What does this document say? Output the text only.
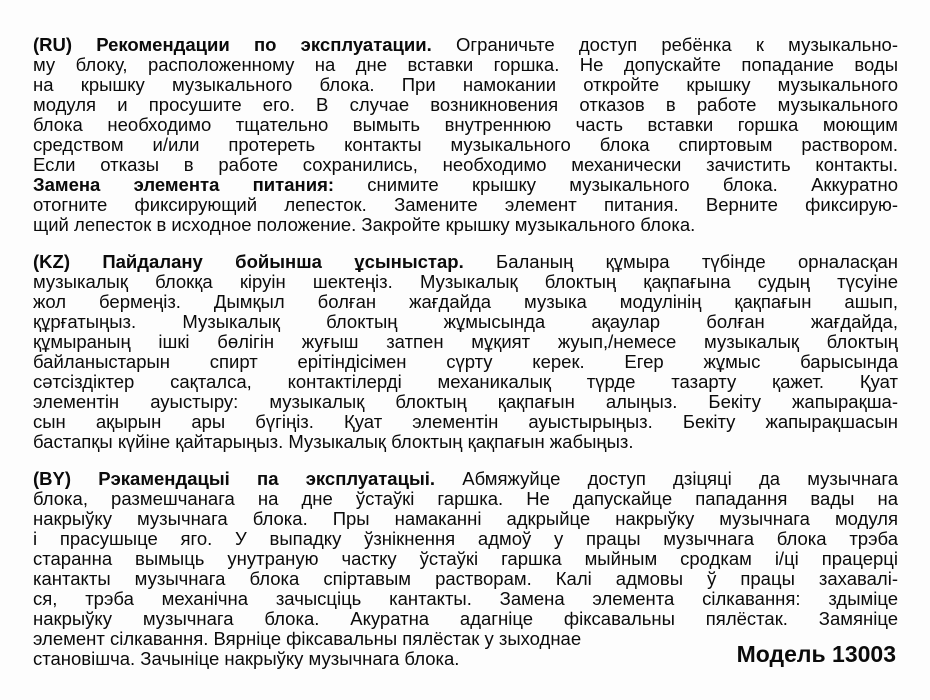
(RU) Рекомендации по эксплуатации. Ограничьте доступ ребёнка к музыкально-
му блоку, расположенному на дне вставки горшка. Не допускайте попадание воды
на крышку музыкального блока. При намокании откройте крышку музыкального
модуля и просушите его. В случае возникновения отказов в работе музыкального
блока необходимо тщательно вымыть внутреннюю часть вставки горшка моющим
средством и/или протереть контакты музыкального блока спиртовым раствором.
Если отказы в работе сохранились, необходимо механически зачистить контакты.
Замена элемента питания: снимите крышку музыкального блока. Аккуратно
отогните фиксирующий лепесток. Замените элемент питания. Верните фиксирую-
щий лепесток в исходное положение. Закройте крышку музыкального блока.
(KZ) Пайдалану бойынша ұсыныстар. Баланың құмыра түбінде орналасқан
музыкалық блокқа кіруін шектеңіз. Музыкалық блоктың қақпағына судың түсуіне
жол бермеңіз. Дымқыл болған жағдайда музыка модулінің қақпағын ашып,
құрғатыңыз. Музыкалық блоктың жұмысында ақаулар болған жағдайда,
құмыраның ішкі бөлігін жуғыш затпен мұқият жуып,/немесе музыкалық блоктың
байланыстарын спирт ерітіндісімен сүрту керек. Егер жұмыс барысында
сәтсіздіктер сақталса, контактілерді механикалық түрде тазарту қажет. Қуат
элементін ауыстыру: музыкалық блоктың қақпағын алыңыз. Бекіту жапырақша-
сын ақырын ары бүгіңіз. Қуат элементін ауыстырыңыз. Бекіту жапырақшасын
бастапқы күйіне қайтарыңыз. Музыкалық блоктың қақпағын жабыңыз.
(BY) Рэкамендацыі па эксплуатацыі. Абмяжуйце доступ дзіцяці да музычнага
блока, размешчанага на дне ўстаўкі гаршка. Не дапускайце пападання вады на
накрыўку музычнага блока. Пры намаканні адкрыйце накрыўку музычнага модуля
і прасушыце яго. У выпадку ўзнікнення адмоў у працы музычнага блока трэба
старанна вымыць унутраную частку ўстаўкі гаршка мыйным сродкам і/ці працерці
кантакты музычнага блока спіртавым растворам. Калі адмовы ў працы захавалі-
ся, трэба механічна зачысціць кантакты. Замена элемента сілкавання: здыміце
накрыўку музычнага блока. Акуратна адагніце фіксавальны пялёстак. Замяніце
элемент сілкавання. Вярніце фіксавальны пялёстак у зыходнае
становішча. Зачыніце накрыўку музычнага блока.	Модель 13003
